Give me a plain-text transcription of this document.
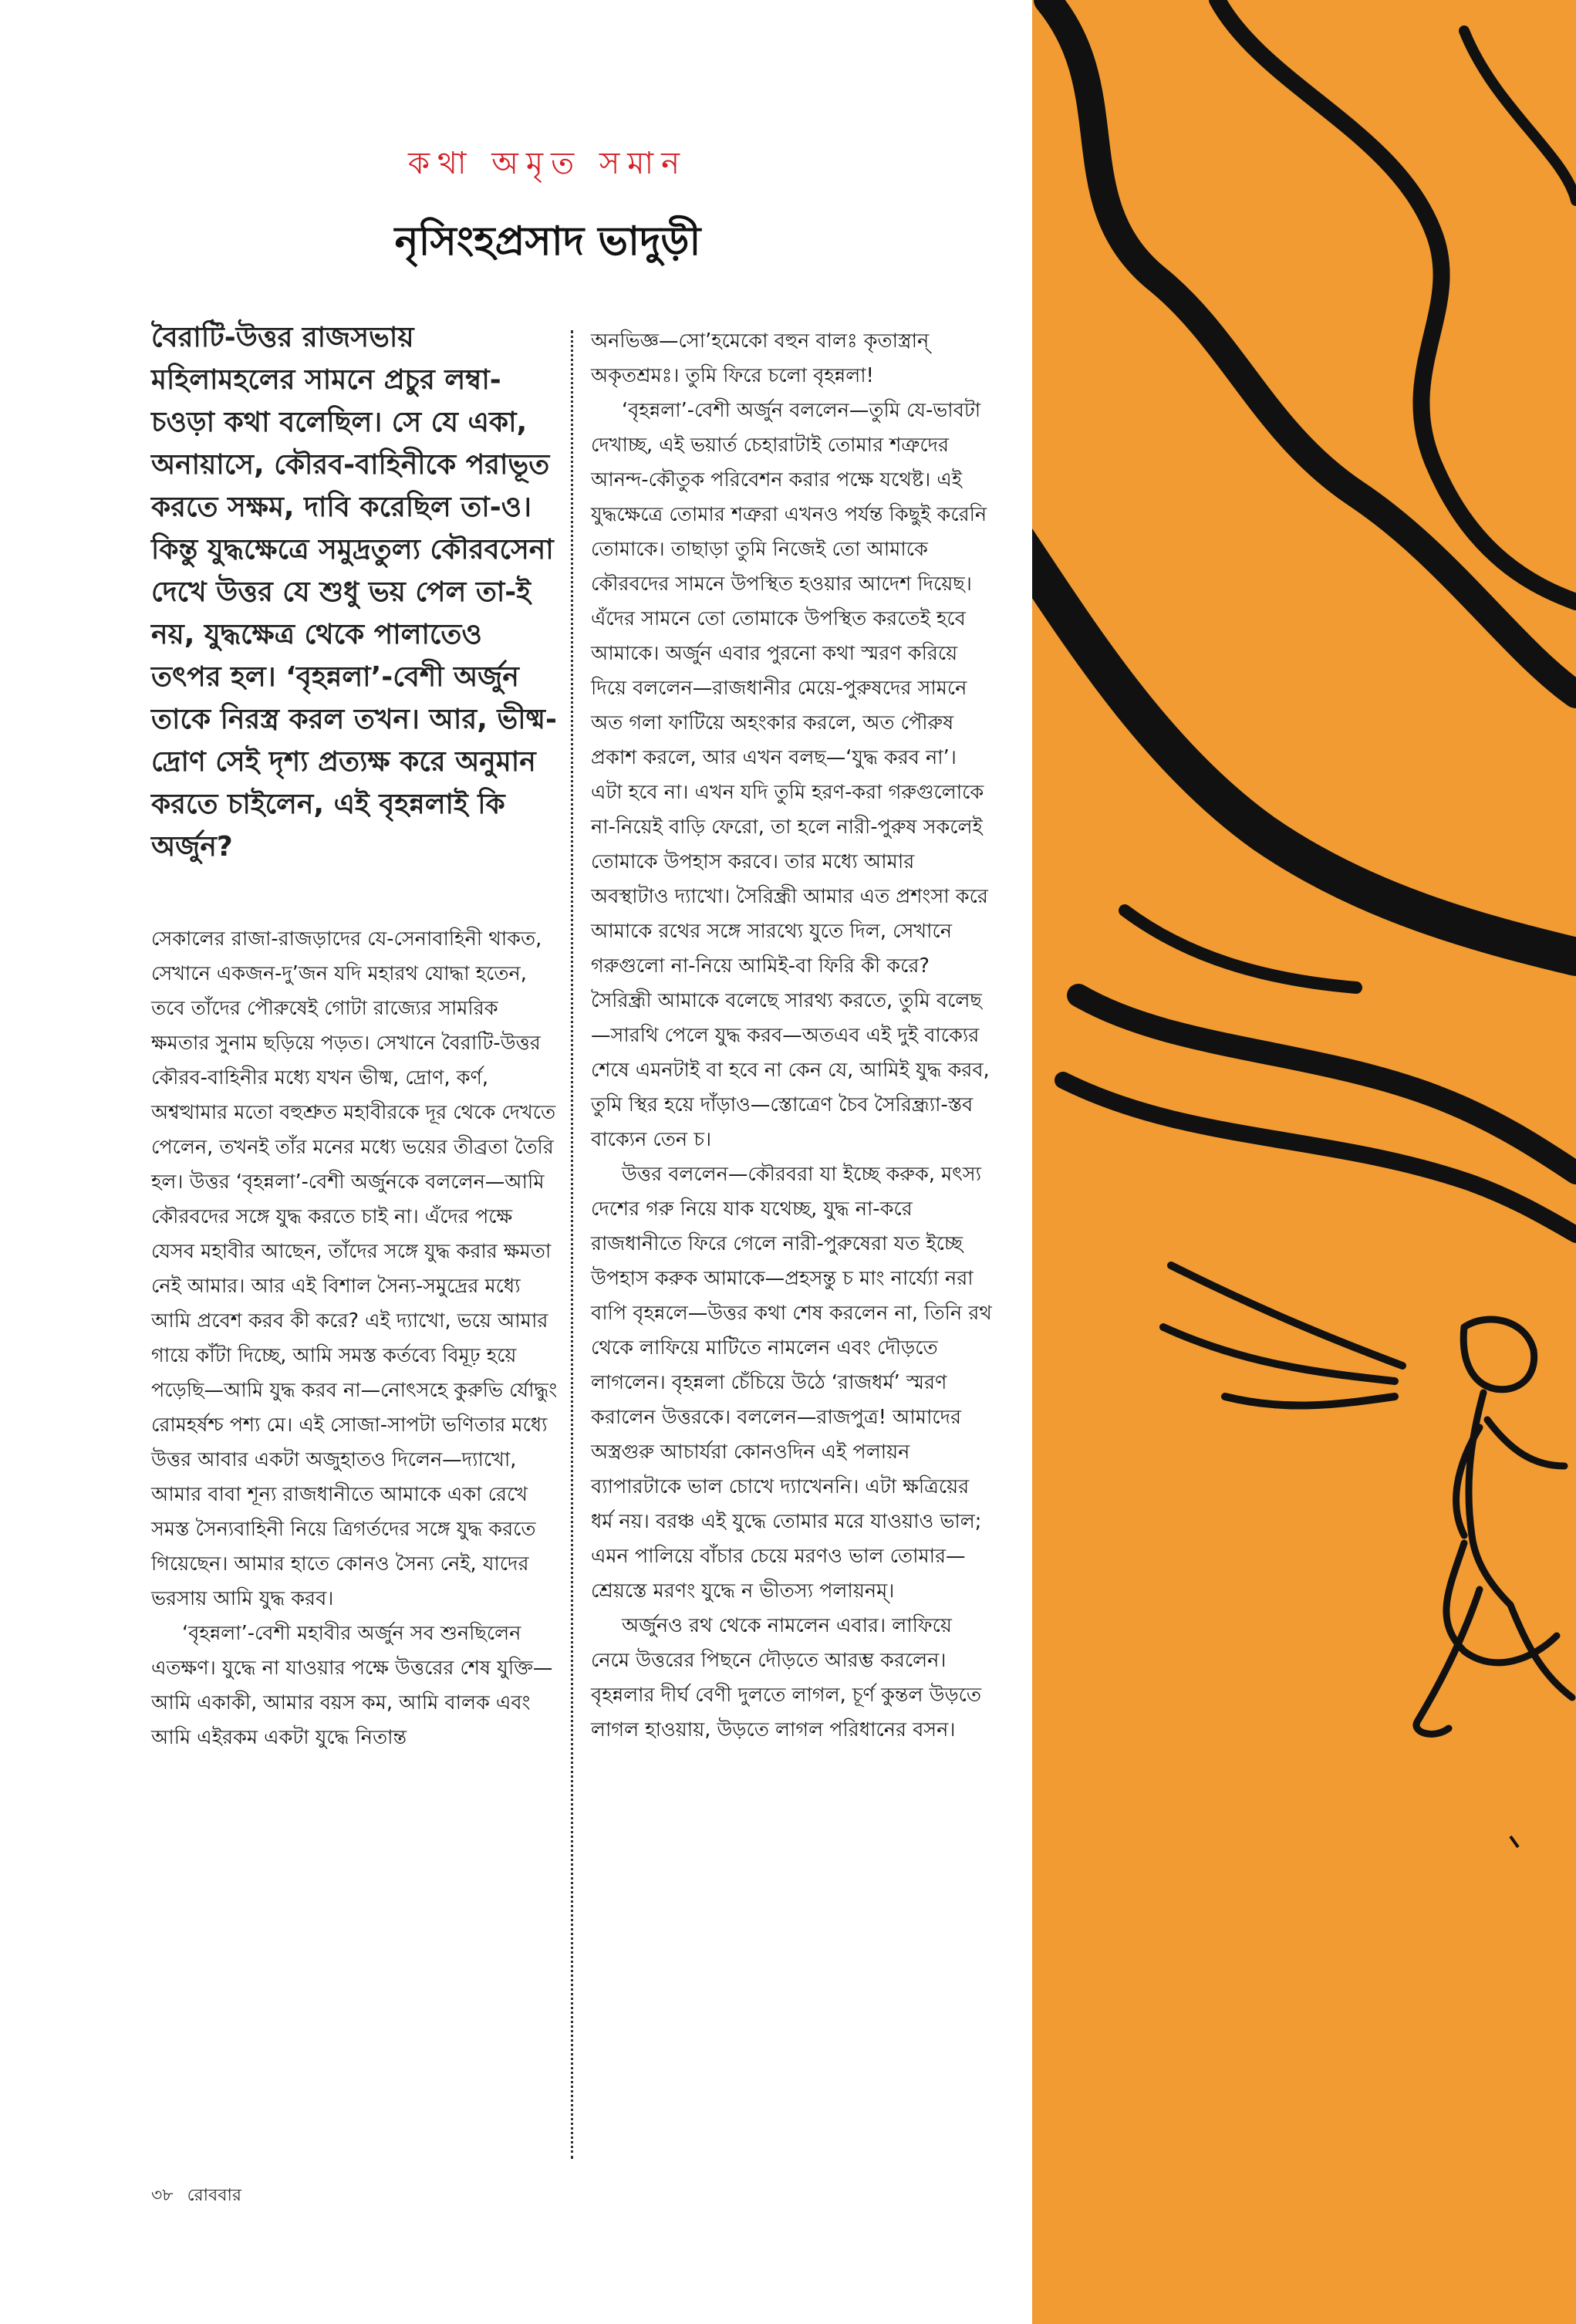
কথা অমৃত সমান
নৃসিংহপ্রসাদ ভাদুড়ী

বৈরাটি-উত্তর রাজসভায় মহিলামহলের সামনে প্রচুর লম্বা-চওড়া কথা বলেছিল। সে যে একা, অনায়াসে, কৌরব-বাহিনীকে পরাভূত করতে সক্ষম, দাবি করেছিল তা-ও। কিন্তু যুদ্ধক্ষেত্রে সমুদ্রতুল্য কৌরবসেনা দেখে উত্তর যে শুধু ভয় পেল তা-ই নয়, যুদ্ধক্ষেত্র থেকে পালাতেও তৎপর হল। ‘বৃহন্নলা’-বেশী অর্জুন তাকে নিরস্ত্র করল তখন। আর, ভীষ্ম-দ্রোণ সেই দৃশ্য প্রত্যক্ষ করে অনুমান করতে চাইলেন, এই বৃহন্নলাই কি অর্জুন?

সেকালের রাজা-রাজড়াদের যে-সেনাবাহিনী থাকত, সেখানে একজন-দু’জন যদি মহারথ যোদ্ধা হতেন, তবে তাঁদের পৌরুষেই গোটা রাজ্যের সামরিক ক্ষমতার সুনাম ছড়িয়ে পড়ত। সেখানে বৈরাটি-উত্তর কৌরব-বাহিনীর মধ্যে যখন ভীষ্ম, দ্রোণ, কর্ণ, অশ্বত্থামার মতো বহুশ্রুত মহাবীরকে দূর থেকে দেখতে পেলেন, তখনই তাঁর মনের মধ্যে ভয়ের তীব্রতা তৈরি হল। উত্তর ‘বৃহন্নলা’-বেশী অর্জুনকে বললেন—আমি কৌরবদের সঙ্গে যুদ্ধ করতে চাই না। এঁদের পক্ষে যেসব মহাবীর আছেন, তাঁদের সঙ্গে যুদ্ধ করার ক্ষমতা নেই আমার। আর এই বিশাল সৈন্য-সমুদ্রের মধ্যে আমি প্রবেশ করব কী করে? এই দ্যাখো, ভয়ে আমার গায়ে কাঁটা দিচ্ছে, আমি সমস্ত কর্তব্যে বিমূঢ় হয়ে পড়েছি—আমি যুদ্ধ করব না—নোৎসহে কুরুভি র্যোদ্ধুং রোমহর্ষশ্চ পশ্য মে। এই সোজা-সাপটা ভণিতার মধ্যে উত্তর আবার একটা অজুহাতও দিলেন—দ্যাখো, আমার বাবা শূন্য রাজধানীতে আমাকে একা রেখে সমস্ত সৈন্যবাহিনী নিয়ে ত্রিগর্তদের সঙ্গে যুদ্ধ করতে গিয়েছেন। আমার হাতে কোনও সৈন্য নেই, যাদের ভরসায় আমি যুদ্ধ করব।

‘বৃহন্নলা’-বেশী মহাবীর অর্জুন সব শুনছিলেন এতক্ষণ। যুদ্ধে না যাওয়ার পক্ষে উত্তরের শেষ যুক্তি—আমি একাকী, আমার বয়স কম, আমি বালক এবং আমি এইরকম একটা যুদ্ধে নিতান্ত

অনভিজ্ঞ—সো’হমেকো বহুন বালঃ কৃতাস্ত্রান্ অকৃতশ্রমঃ। তুমি ফিরে চলো বৃহন্নলা!

‘বৃহন্নলা’-বেশী অর্জুন বললেন—তুমি যে-ভাবটা দেখাচ্ছ, এই ভয়ার্ত চেহারাটাই তোমার শত্রুদের আনন্দ-কৌতুক পরিবেশন করার পক্ষে যথেষ্ট। এই যুদ্ধক্ষেত্রে তোমার শত্রুরা এখনও পর্যন্ত কিছুই করেনি তোমাকে। তাছাড়া তুমি নিজেই তো আমাকে কৌরবদের সামনে উপস্থিত হওয়ার আদেশ দিয়েছ। এঁদের সামনে তো তোমাকে উপস্থিত করতেই হবে আমাকে। অর্জুন এবার পুরনো কথা স্মরণ করিয়ে দিয়ে বললেন—রাজধানীর মেয়ে-পুরুষদের সামনে অত গলা ফাটিয়ে অহংকার করলে, অত পৌরুষ প্রকাশ করলে, আর এখন বলছ—‘যুদ্ধ করব না’। এটা হবে না। এখন যদি তুমি হরণ-করা গরুগুলোকে না-নিয়েই বাড়ি ফেরো, তা হলে নারী-পুরুষ সকলেই তোমাকে উপহাস করবে। তার মধ্যে আমার অবস্থাটাও দ্যাখো। সৈরিন্ধ্রী আমার এত প্রশংসা করে আমাকে রথের সঙ্গে সারথ্যে যুতে দিল, সেখানে গরুগুলো না-নিয়ে আমিই-বা ফিরি কী করে? সৈরিন্ধ্রী আমাকে বলেছে সারথ্য করতে, তুমি বলেছ—সারথি পেলে যুদ্ধ করব—অতএব এই দুই বাক্যের শেষে এমনটাই বা হবে না কেন যে, আমিই যুদ্ধ করব, তুমি স্থির হয়ে দাঁড়াও—স্তোত্রেণ চৈব সৈরিন্ধ্র্যা-স্তব বাক্যেন তেন চ।

উত্তর বললেন—কৌরবরা যা ইচ্ছে করুক, মৎস্য দেশের গরু নিয়ে যাক যথেচ্ছ, যুদ্ধ না-করে রাজধানীতে ফিরে গেলে নারী-পুরুষেরা যত ইচ্ছে উপহাস করুক আমাকে—প্রহসন্তু চ মাং নার্য্যো নরা বাপি বৃহন্নলে—উত্তর কথা শেষ করলেন না, তিনি রথ থেকে লাফিয়ে মাটিতে নামলেন এবং দৌড়তে লাগলেন। বৃহন্নলা চেঁচিয়ে উঠে ‘রাজধর্ম’ স্মরণ করালেন উত্তরকে। বললেন—রাজপুত্র! আমাদের অস্ত্রগুরু আচার্যরা কোনওদিন এই পলায়ন ব্যাপারটাকে ভাল চোখে দ্যাখেননি। এটা ক্ষত্রিয়ের ধর্ম নয়। বরঞ্চ এই যুদ্ধে তোমার মরে যাওয়াও ভাল; এমন পালিয়ে বাঁচার চেয়ে মরণও ভাল তোমার—শ্রেয়স্তে মরণং যুদ্ধে ন ভীতস্য পলায়নম্।

অর্জুনও রথ থেকে নামলেন এবার। লাফিয়ে নেমে উত্তরের পিছনে দৌড়তে আরম্ভ করলেন। বৃহন্নলার দীর্ঘ বেণী দুলতে লাগল, চূর্ণ কুন্তল উড়তে লাগল হাওয়ায়, উড়তে লাগল পরিধানের বসন।

৩৮ রোববার
